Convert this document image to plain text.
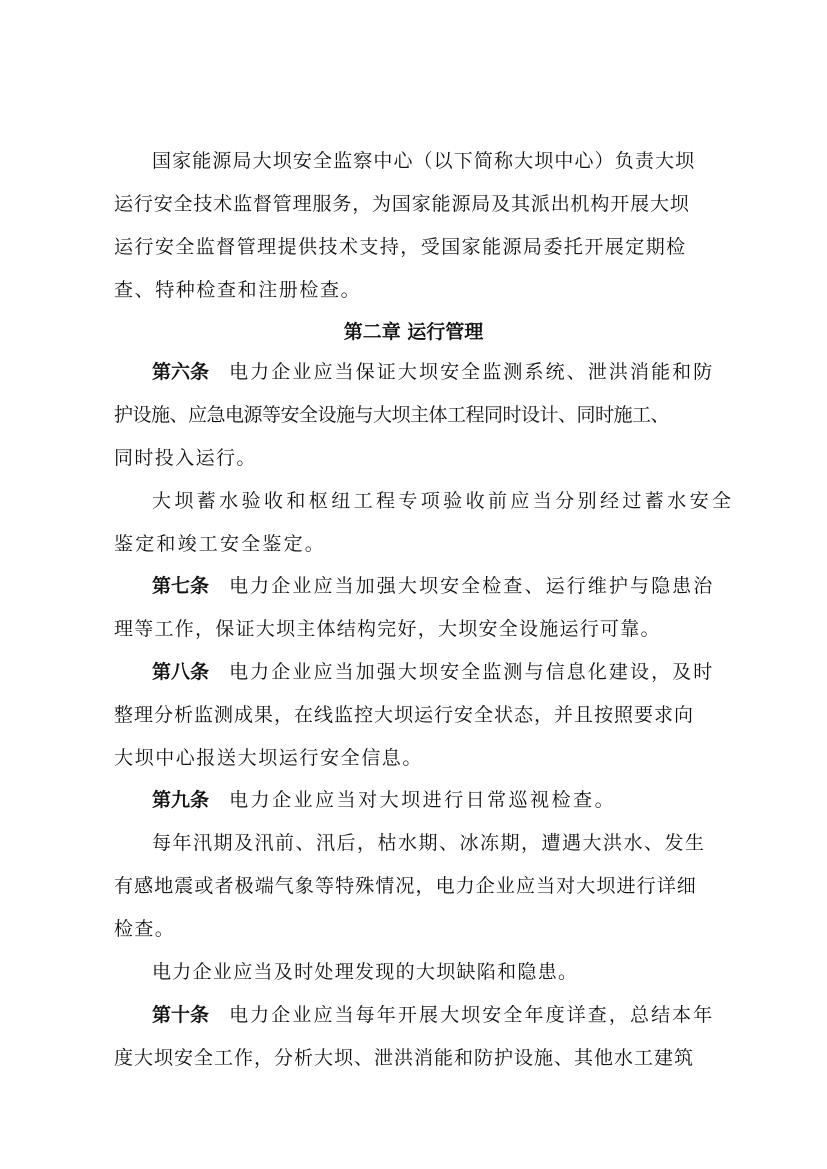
国家能源局大坝安全监察中心（以下简称大坝中心）负责大坝
运行安全技术监督管理服务，为国家能源局及其派出机构开展大坝
运行安全监督管理提供技术支持，受国家能源局委托开展定期检
查、特种检查和注册检查。
第二章 运行管理
第六条 电力企业应当保证大坝安全监测系统、泄洪消能和防
护设施、应急电源等安全设施与大坝主体工程同时设计、同时施工、
同时投入运行。
大坝蓄水验收和枢纽工程专项验收前应当分别经过蓄水安全
鉴定和竣工安全鉴定。
第七条 电力企业应当加强大坝安全检查、运行维护与隐患治
理等工作，保证大坝主体结构完好，大坝安全设施运行可靠。
第八条 电力企业应当加强大坝安全监测与信息化建设，及时
整理分析监测成果，在线监控大坝运行安全状态，并且按照要求向
大坝中心报送大坝运行安全信息。
第九条 电力企业应当对大坝进行日常巡视检查。
每年汛期及汛前、汛后，枯水期、冰冻期，遭遇大洪水、发生
有感地震或者极端气象等特殊情况，电力企业应当对大坝进行详细
检查。
电力企业应当及时处理发现的大坝缺陷和隐患。
第十条 电力企业应当每年开展大坝安全年度详查，总结本年
度大坝安全工作，分析大坝、泄洪消能和防护设施、其他水工建筑
